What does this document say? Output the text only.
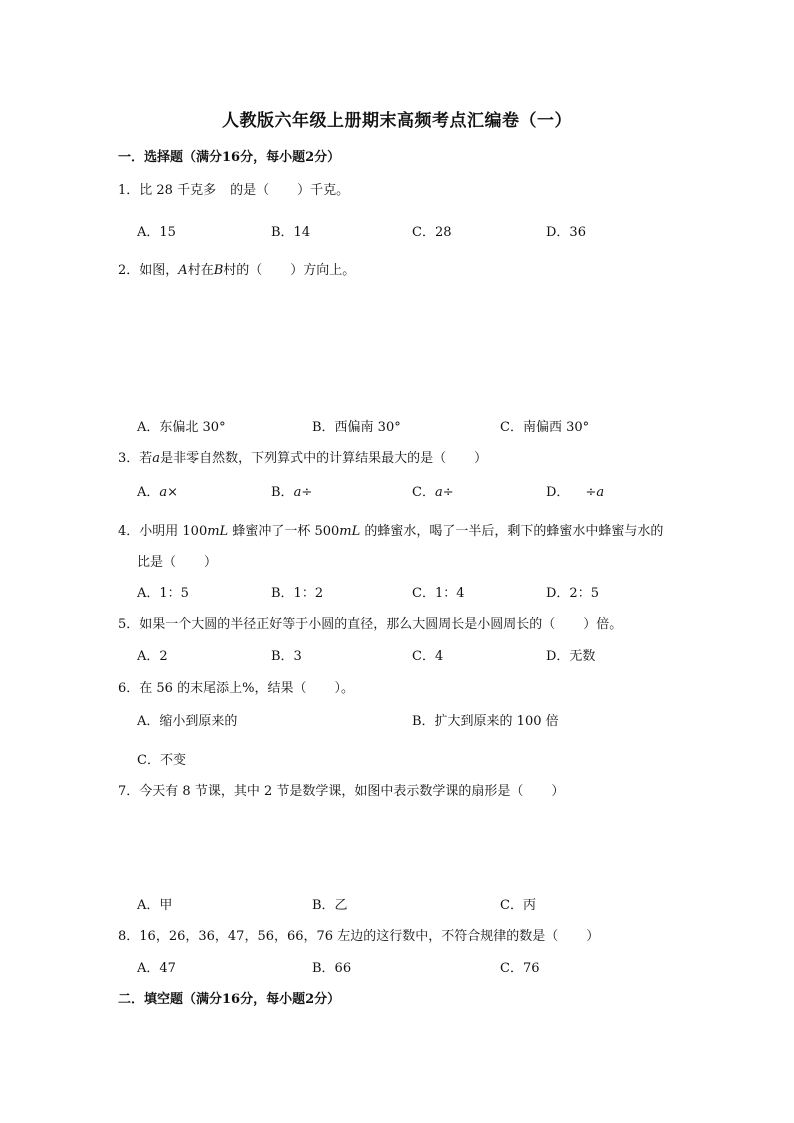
人教版六年级上册期末高频考点汇编卷（一）
一．选择题（满分16分，每小题2分）
1．比 28 千克多 的是（ ）千克。
A．15	B．14	C．28	D．36
2．如图，A村在B村的（ ）方向上。
A．东偏北 30°	B．西偏南 30°	C．南偏西 30°
3．若a是非零自然数，下列算式中的计算结果最大的是（ ）
A．a×	B．a÷	C．a÷	D． ÷a
4．小明用 100mL 蜂蜜冲了一杯 500mL 的蜂蜜水，喝了一半后，剩下的蜂蜜水中蜂蜜与水的
比是（ ）
A．1：5	B．1：2	C．1：4	D．2：5
5．如果一个大圆的半径正好等于小圆的直径，那么大圆周长是小圆周长的（ ）倍。
A．2	B．3	C．4	D．无数
6．在 56 的末尾添上%，结果（ ）。
A．缩小到原来的	B．扩大到原来的 100 倍
C．不变
7．今天有 8 节课，其中 2 节是数学课，如图中表示数学课的扇形是（ ）
A．甲	B．乙	C．丙
8．16，26，36，47，56，66，76 左边的这行数中，不符合规律的数是（ ）
A．47	B．66	C．76
二．填空题（满分16分，每小题2分）
